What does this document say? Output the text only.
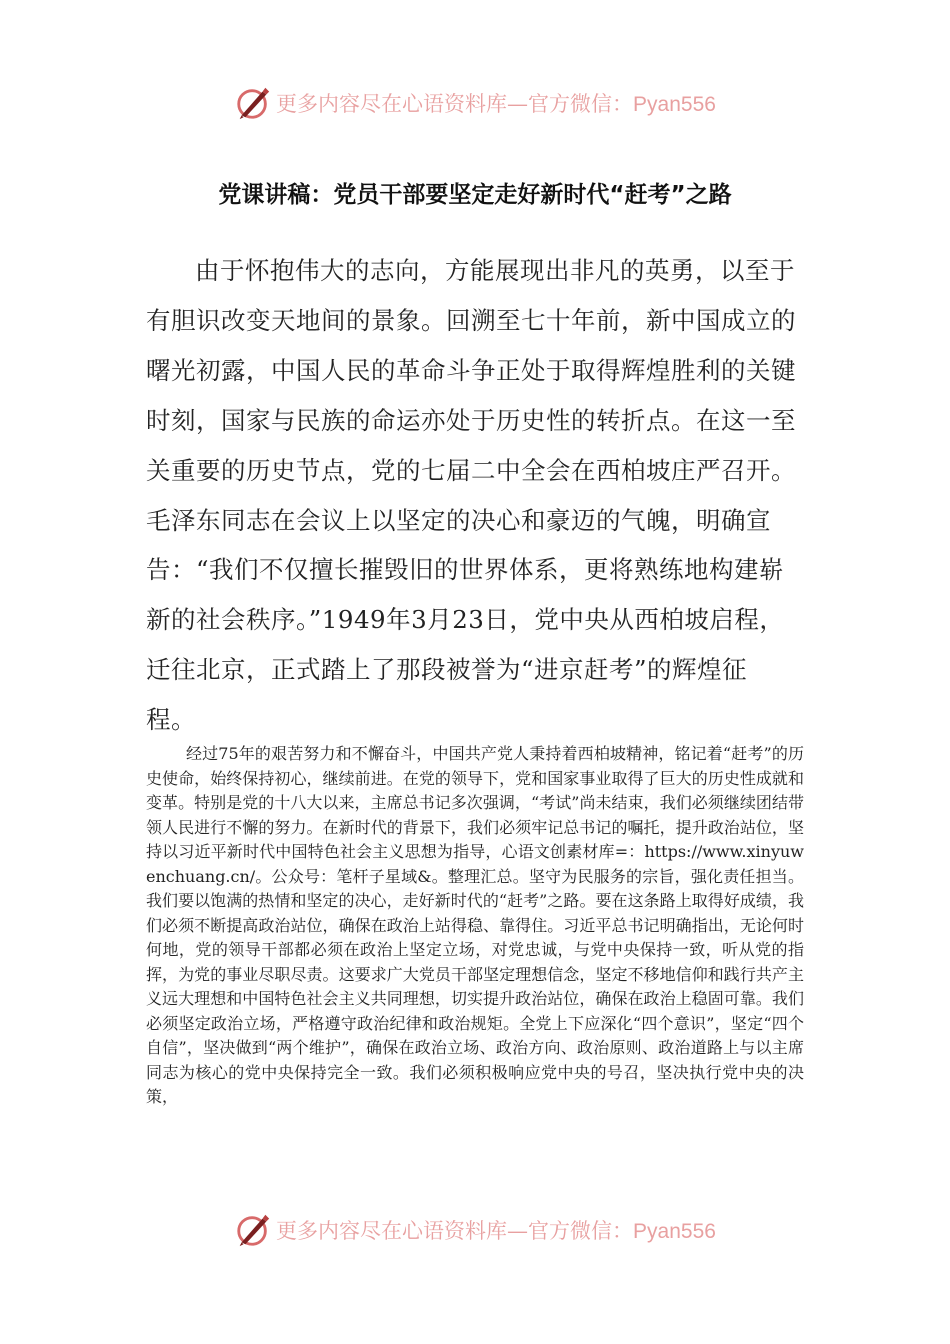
更多内容尽在心语资料库—官方微信：Pyan556
党课讲稿：党员干部要坚定走好新时代“赶考”之路

由于怀抱伟大的志向，方能展现出非凡的英勇，以至于有胆识改变天地间的景象。回溯至七十年前，新中国成立的曙光初露，中国人民的革命斗争正处于取得辉煌胜利的关键时刻，国家与民族的命运亦处于历史性的转折点。在这一至关重要的历史节点，党的七届二中全会在西柏坡庄严召开。毛泽东同志在会议上以坚定的决心和豪迈的气魄，明确宣告：“我们不仅擅长摧毁旧的世界体系，更将熟练地构建崭新的社会秩序。”1949年3月23日，党中央从西柏坡启程，迁往北京，正式踏上了那段被誉为“进京赶考”的辉煌征程。

经过75年的艰苦努力和不懈奋斗，中国共产党人秉持着西柏坡精神，铭记着“赶考”的历史使命，始终保持初心，继续前进。在党的领导下，党和国家事业取得了巨大的历史性成就和变革。特别是党的十八大以来，主席总书记多次强调，“考试”尚未结束，我们必须继续团结带领人民进行不懈的努力。在新时代的背景下，我们必须牢记总书记的嘱托，提升政治站位，坚持以习近平新时代中国特色社会主义思想为指导，心语文创素材库=：https://www.xinyuwenchuang.cn/。公众号：笔杆子星域&。整理汇总。坚守为民服务的宗旨，强化责任担当。我们要以饱满的热情和坚定的决心，走好新时代的“赶考”之路。要在这条路上取得好成绩，我们必须不断提高政治站位，确保在政治上站得稳、靠得住。习近平总书记明确指出，无论何时何地，党的领导干部都必须在政治上坚定立场，对党忠诚，与党中央保持一致，听从党的指挥，为党的事业尽职尽责。这要求广大党员干部坚定理想信念，坚定不移地信仰和践行共产主义远大理想和中国特色社会主义共同理想，切实提升政治站位，确保在政治上稳固可靠。我们必须坚定政治立场，严格遵守政治纪律和政治规矩。全党上下应深化“四个意识”，坚定“四个自信”，坚决做到“两个维护”，确保在政治立场、政治方向、政治原则、政治道路上与以主席同志为核心的党中央保持完全一致。我们必须积极响应党中央的号召，坚决执行党中央的决策，

更多内容尽在心语资料库—官方微信：Pyan556
